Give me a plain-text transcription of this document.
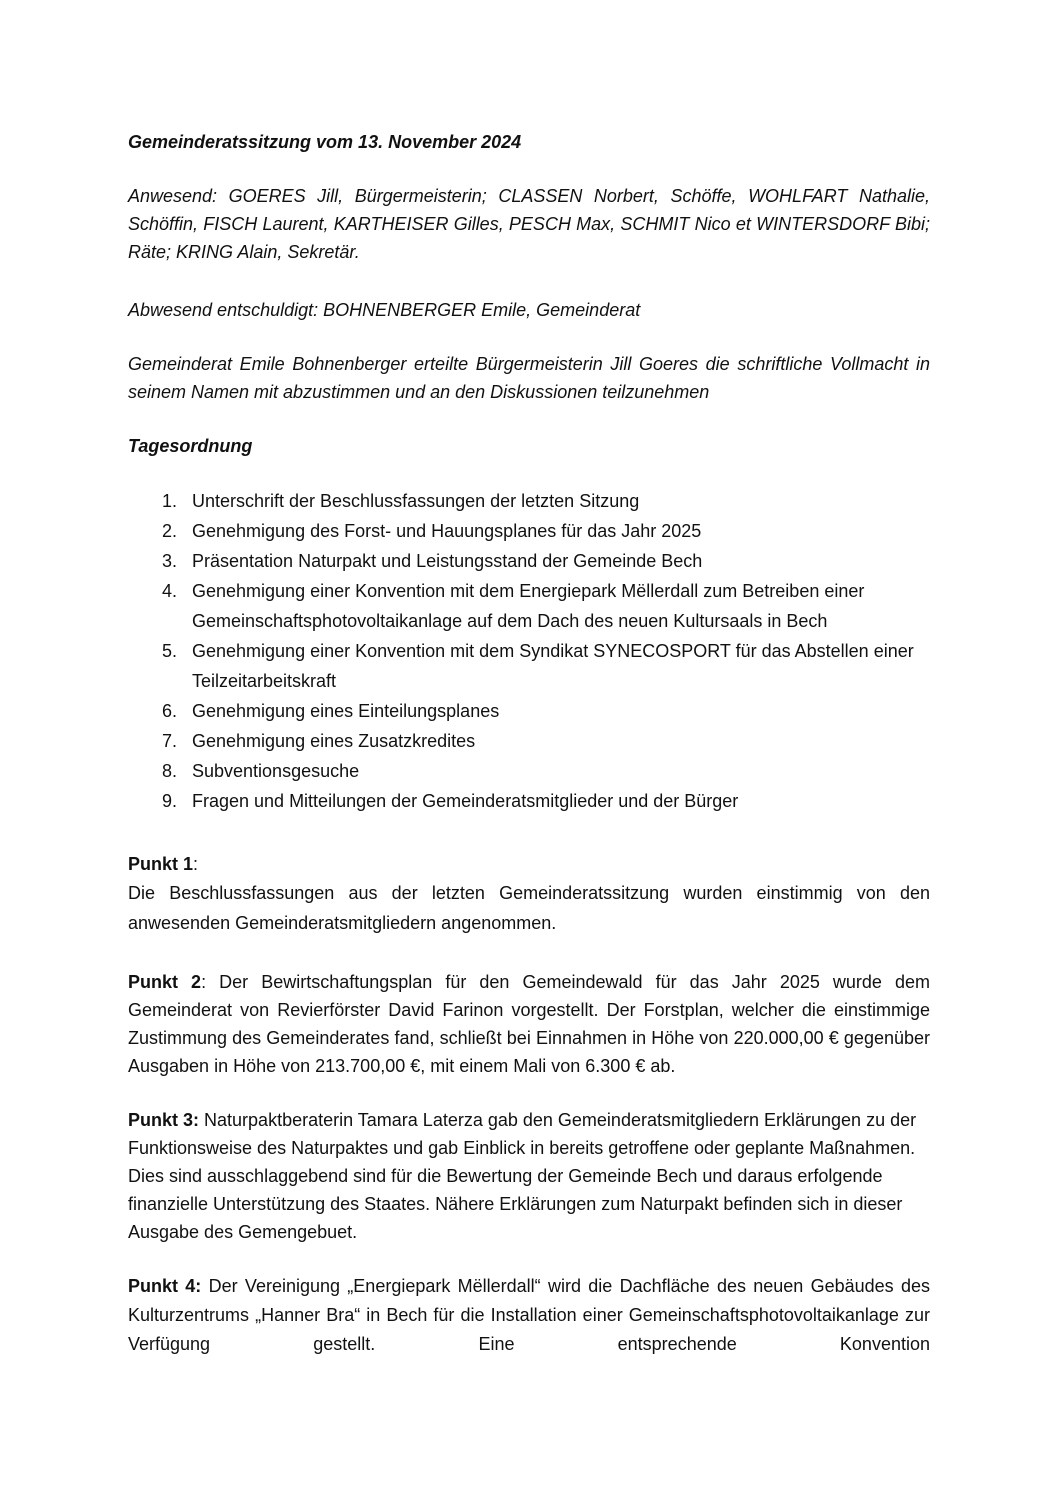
Gemeinderatssitzung vom 13. November 2024

Anwesend: GOERES Jill, Bürgermeisterin; CLASSEN Norbert, Schöffe, WOHLFART Nathalie, Schöffin, FISCH Laurent, KARTHEISER Gilles, PESCH Max, SCHMIT Nico et WINTERSDORF Bibi; Räte; KRING Alain, Sekretär.

Abwesend entschuldigt: BOHNENBERGER Emile, Gemeinderat

Gemeinderat Emile Bohnenberger erteilte Bürgermeisterin Jill Goeres die schriftliche Vollmacht in seinem Namen mit abzustimmen und an den Diskussionen teilzunehmen

Tagesordnung

1. Unterschrift der Beschlussfassungen der letzten Sitzung
2. Genehmigung des Forst- und Hauungsplanes für das Jahr 2025
3. Präsentation Naturpakt und Leistungsstand der Gemeinde Bech
4. Genehmigung einer Konvention mit dem Energiepark Mëllerdall zum Betreiben einer Gemeinschaftsphotovoltaikanlage auf dem Dach des neuen Kultursaals in Bech
5. Genehmigung einer Konvention mit dem Syndikat SYNECOSPORT für das Abstellen einer Teilzeitarbeitskraft
6. Genehmigung eines Einteilungsplanes
7. Genehmigung eines Zusatzkredites
8. Subventionsgesuche
9. Fragen und Mitteilungen der Gemeinderatsmitglieder und der Bürger

Punkt 1:

Die Beschlussfassungen aus der letzten Gemeinderatssitzung wurden einstimmig von den anwesenden Gemeinderatsmitgliedern angenommen.

Punkt 2: Der Bewirtschaftungsplan für den Gemeindewald für das Jahr 2025 wurde dem Gemeinderat von Revierförster David Farinon vorgestellt. Der Forstplan, welcher die einstimmige Zustimmung des Gemeinderates fand, schließt bei Einnahmen in Höhe von 220.000,00 € gegenüber Ausgaben in Höhe von 213.700,00 €, mit einem Mali von 6.300 € ab.

Punkt 3: Naturpaktberaterin Tamara Laterza gab den Gemeinderatsmitgliedern Erklärungen zu der Funktionsweise des Naturpaktes und gab Einblick in bereits getroffene oder geplante Maßnahmen. Dies sind ausschlaggebend sind für die Bewertung der Gemeinde Bech und daraus erfolgende finanzielle Unterstützung des Staates. Nähere Erklärungen zum Naturpakt befinden sich in dieser Ausgabe des Gemengebuet.

Punkt 4: Der Vereinigung „Energiepark Mëllerdall“ wird die Dachfläche des neuen Gebäudes des Kulturzentrums „Hanner Bra“ in Bech für die Installation einer Gemeinschaftsphotovoltaikanlage zur Verfügung gestellt. Eine entsprechende Konvention
